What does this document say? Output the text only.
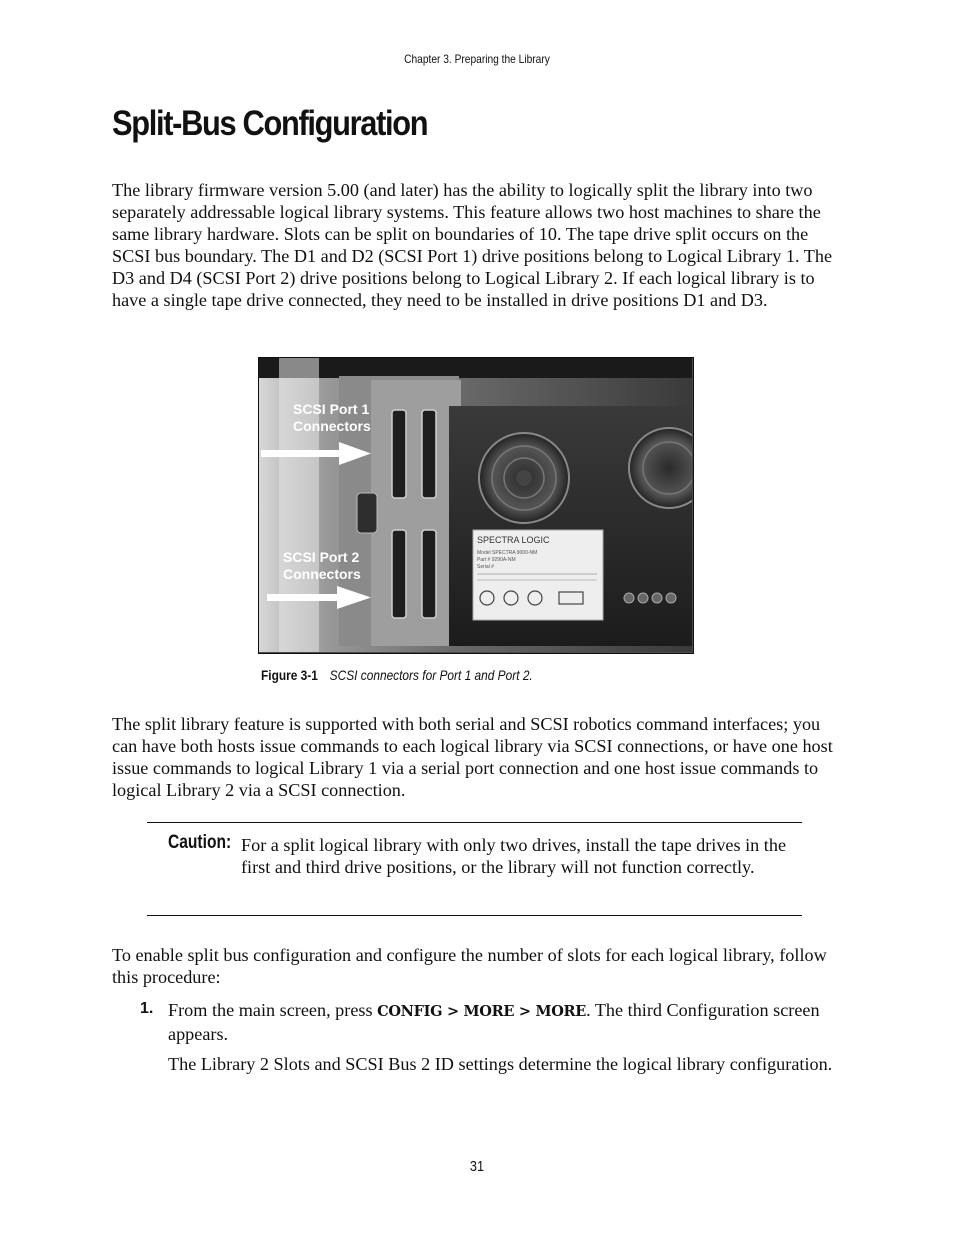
Chapter 3. Preparing the Library
Split-Bus Configuration

The library firmware version 5.00 (and later) has the ability to logically split the library into two separately addressable logical library systems. This feature allows two host machines to share the same library hardware. Slots can be split on boundaries of 10. The tape drive split occurs on the SCSI bus boundary. The D1 and D2 (SCSI Port 1) drive positions belong to Logical Library 1. The D3 and D4 (SCSI Port 2) drive positions belong to Logical Library 2. If each logical library is to have a single tape drive connected, they need to be installed in drive positions D1 and D3.

SPECTRA LOGIC
Model SPECTRA 9000-NM
Part # 9290A-NM
Serial #
SCSI Port 1
Connectors
SCSI Port 2
Connectors
Figure 3-1 SCSI connectors for Port 1 and Port 2.

The split library feature is supported with both serial and SCSI robotics command interfaces; you can have both hosts issue commands to each logical library via SCSI connections, or have one host issue commands to logical Library 1 via a serial port connection and one host issue commands to logical Library 2 via a SCSI connection.

Caution: For a split logical library with only two drives, install the tape drives in the first and third drive positions, or the library will not function correctly.

To enable split bus configuration and configure the number of slots for each logical library, follow this procedure:

1. From the main screen, press CONFIG > MORE > MORE. The third Configuration screen appears.

The Library 2 Slots and SCSI Bus 2 ID settings determine the logical library configuration.

31
